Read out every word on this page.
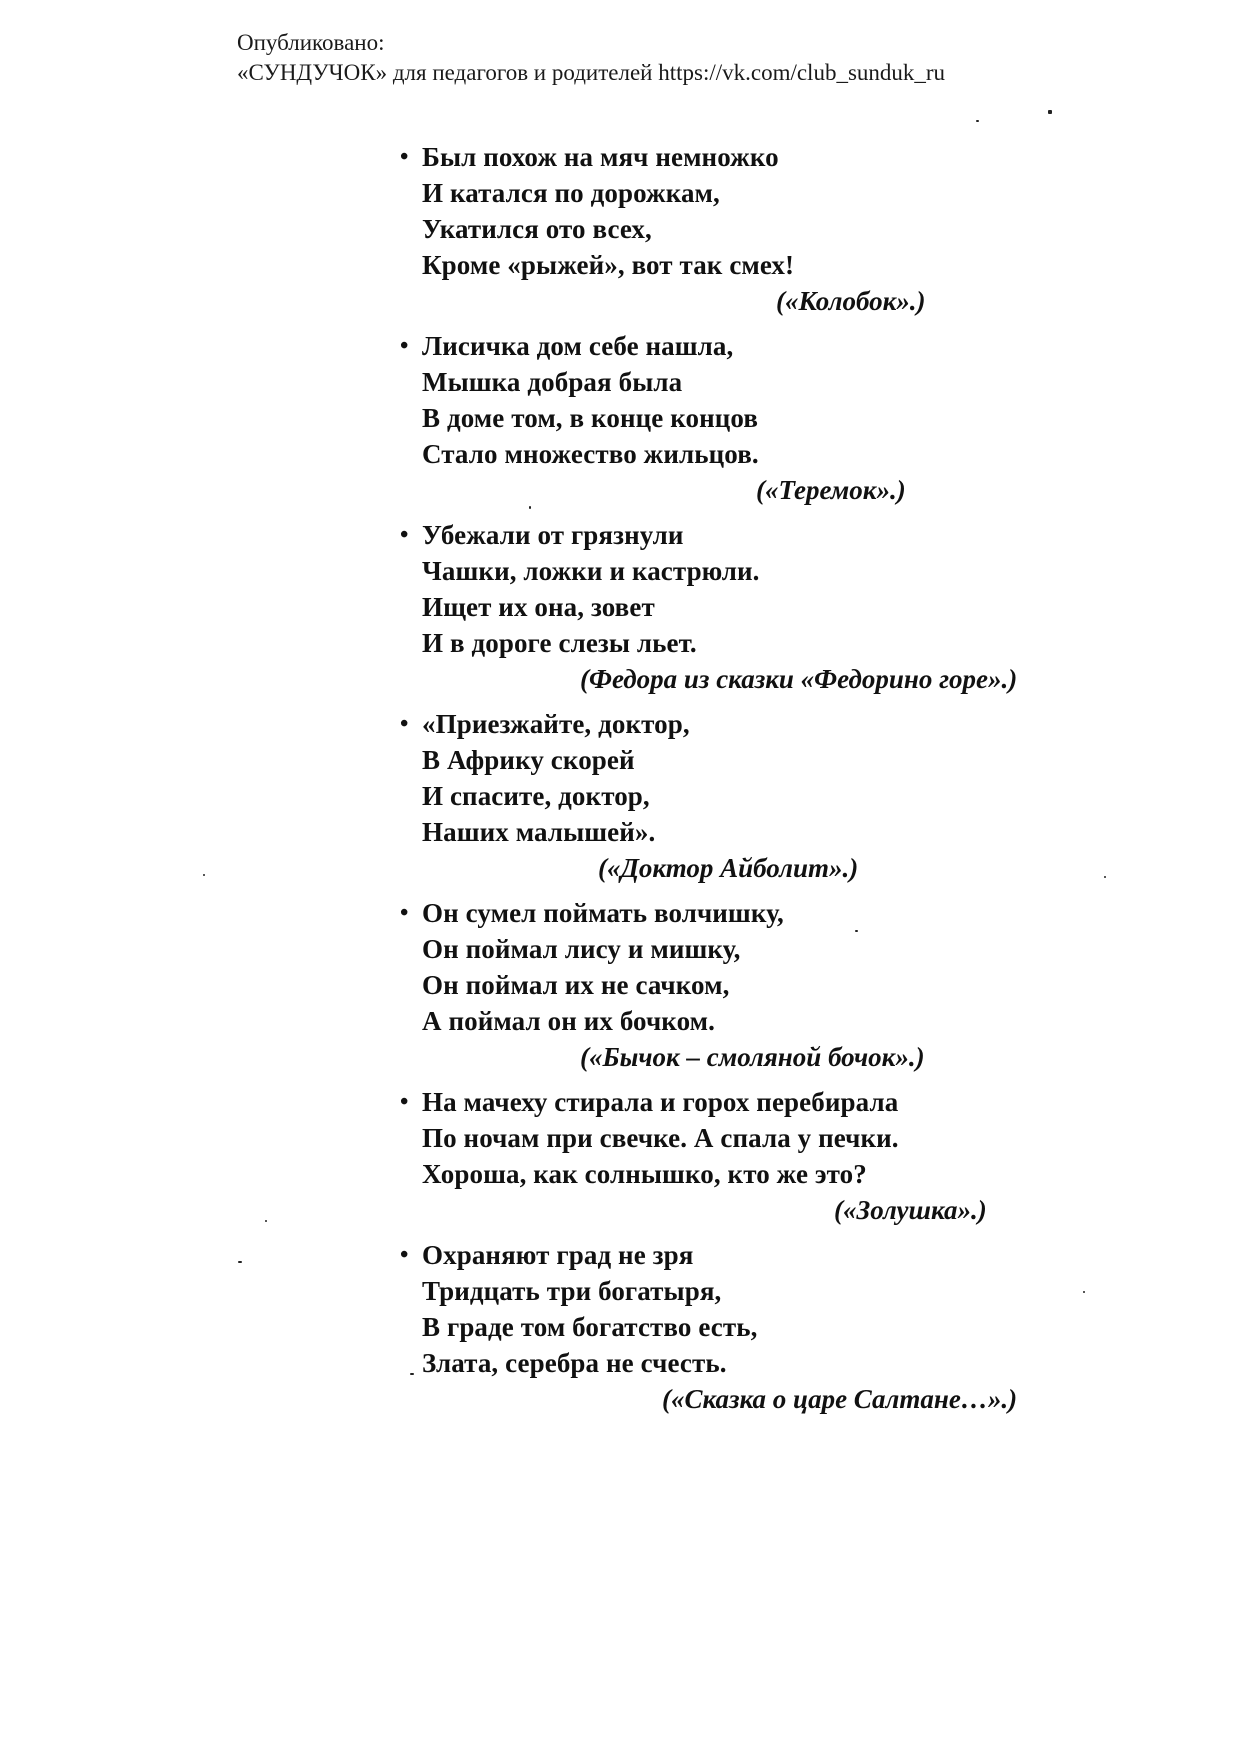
Опубликовано:
«СУНДУЧОК» для педагогов и родителей https://vk.com/club_sunduk_ru
• Был похож на мяч немножко
И катался по дорожкам,
Укатился ото всех,
Кроме «рыжей», вот так смех!
(«Колобок».)
• Лисичка дом себе нашла,
Мышка добрая была
В доме том, в конце концов
Стало множество жильцов.
(«Теремок».)
• Убежали от грязнули
Чашки, ложки и кастрюли.
Ищет их она, зовет
И в дороге слезы льет.
(Федора из сказки «Федорино горе».)
• «Приезжайте, доктор,
В Африку скорей
И спасите, доктор,
Наших малышей».
(«Доктор Айболит».)
• Он сумел поймать волчишку,
Он поймал лису и мишку,
Он поймал их не сачком,
А поймал он их бочком.
(«Бычок – смоляной бочок».)
• На мачеху стирала и горох перебирала
По ночам при свечке. А спала у печки.
Хороша, как солнышко, кто же это?
(«Золушка».)
• Охраняют град не зря
Тридцать три богатыря,
В граде том богатство есть,
Злата, серебра не счесть.
(«Сказка о царе Салтане…».)
